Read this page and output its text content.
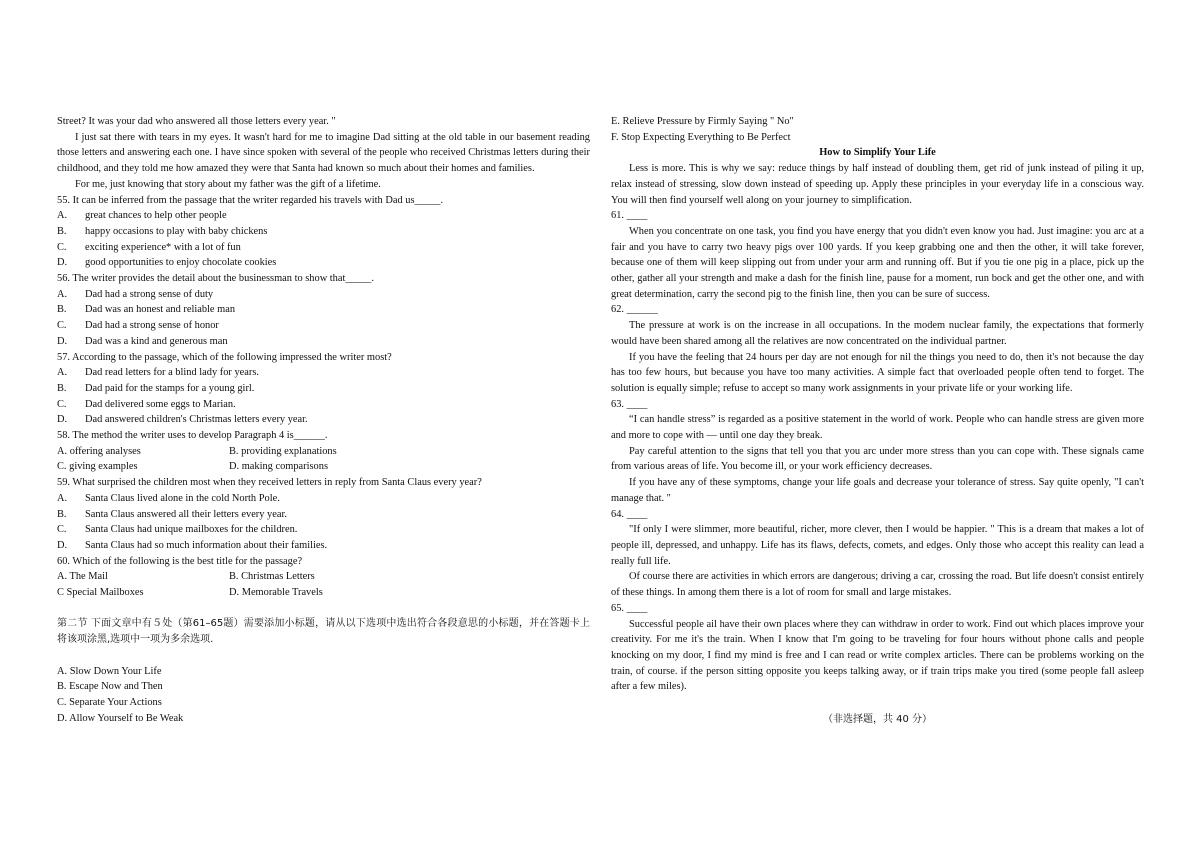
Street? It was your dad who answered all those letters every year. "

I just sat there with tears in my eyes. It wasn't hard for me to imagine Dad sitting at the old table in our basement reading those letters and answering each one. I have since spoken with several of the people who received Christmas letters during their childhood, and they told me how amazed they were that Santa had known so much about their homes and families.

For me, just knowing that story about my father was the gift of a lifetime.

55. It can be inferred from the passage that the writer regarded his travels with Dad us_____.

A.	great chances to help other people
B.	happy occasions to play with baby chickens
C.	exciting experience* with a lot of fun
D.	good opportunities to enjoy chocolate cookies

56. The writer provides the detail about the businessman to show that_____.

A.	Dad had a strong sense of duty
B.	Dad was an honest and reliable man
C.	Dad had a strong sense of honor
D.	Dad was a kind and generous man

57. According to the passage, which of the following impressed the writer most?

A.	Dad read letters for a blind lady for years.
B.	Dad paid for the stamps for a young girl.
C.	Dad delivered some eggs to Marian.
D.	Dad answered children's Christmas letters every year.

58. The method the writer uses to develop Paragraph 4 is______.

A. offering analyses	B. providing explanations
C. giving examples	D. making comparisons

59. What surprised the children most when they received letters in reply from Santa Claus every year?

A.	Santa Claus lived alone in the cold North Pole.
B.	Santa Claus answered all their letters every year.
C.	Santa Claus had unique mailboxes for the children.
D.	Santa Claus had so much information about their families.

60. Which of the following is the best title for the passage?

A. The Mail	B. Christmas Letters
C Special Mailboxes	D. Memorable Travels

第二节 下面文章中有５处（第61–65题）需要添加小标题，请从以下选项中选出符合各段意思的小标题，并在答题卡上将该项涂黑,选项中一项为多余选项.

A. Slow Down Your Life

B. Escape Now and Then

C. Separate Your Actions

D. Allow Yourself to Be Weak

E. Relieve Pressure by Firmly Saying " No"

F. Stop Expecting Everything to Be Perfect

How to Simplify Your Life

Less is more. This is why we say: reduce things by half instead of doubling them, get rid of junk instead of piling it up, relax instead of stressing, slow down instead of speeding up. Apply these principles in your everyday life in a conscious way. You will then find yourself well along on your journey to simplification.

61. ____

When you concentrate on one task, you find you have energy that you didn't even know you had. Just imagine: you arc at a fair and you have to carry two heavy pigs over 100 yards. If you keep grabbing one and then the other, it will take forever, because one of them will keep slipping out from under your arm and running off. But if you tie one pig in a place, pick up the other, gather all your strength and make a dash for the finish line, pause for a moment, run bock and get the other one, and with great determination, carry the second pig to the finish line, then you can be sure of success.

62. ______

The pressure at work is on the increase in all occupations. In the modem nuclear family, the expectations that formerly would have been shared among all the relatives are now concentrated on the individual partner.

If you have the feeling that 24 hours per day are not enough for nil the things you need to do, then it's not because the day has too few hours, but because you have too many activities. A simple fact that overloaded people often tend to forget. The solution is equally simple; refuse to accept so many work assignments in your private life or your working life.

63. ____

“I can handle stress” is regarded as a positive statement in the world of work. People who can handle stress are given more and more to cope with — until one day they break.

Pay careful attention to the signs that tell you that you arc under more stress than you can cope with. These signals came from various areas of life. You become ill, or your work efficiency decreases.

If you have any of these symptoms, change your life goals and decrease your tolerance of stress. Say quite openly, "I can't manage that. "

64. ____

"If only I were slimmer, more beautiful, richer, more clever, then I would be happier. " This is a dream that makes a lot of people ill, depressed, and unhappy. Life has its flaws, defects, comets, and edges. Only those who accept this reality can lead a really full life.

Of course there are activities in which errors are dangerous; driving a car, crossing the road. But life doesn't consist entirely of these things. In among them there is a lot of room for small and large mistakes.

65. ____

Successful people ail have their own places where they can withdraw in order to work. Find out which places improve your creativity. For me it's the train. When I know that I'm going to be traveling for four hours without phone calls and people knocking on my door, I find my mind is free and I can read or write complex articles. There can be problems working on the train, of course. if the person sitting opposite you keeps talking away, or if train trips make you tired (some people fall asleep after a few miles).

（非选择题，共 40 分）
